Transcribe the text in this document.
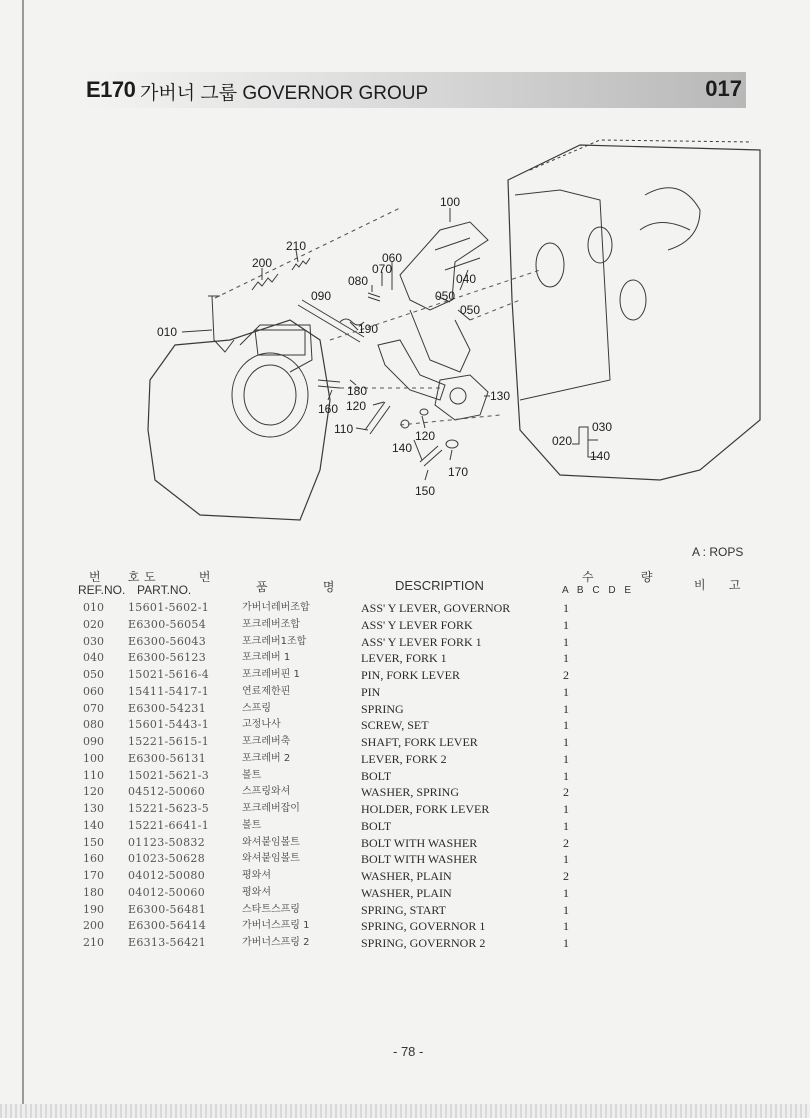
E170 가버너 그룹 GOVERNOR GROUP	017
100
210
200	060
070
080
090
040
050
050
010	190
180
160 120
130
110	120
140
170
150
030
020
140
A : ROPS
번 호
REF.NO.
도 번
PART.NO.	품 명	DESCRIPTION
수 량
A B C D E	비 고
010 15601-5602-1	가버너레버조합	ASS' Y LEVER, GOVERNOR	1
020 E6300-56054	포크레버조합	ASS' Y LEVER FORK	1
030 E6300-56043	포크레버1조합	ASS' Y LEVER FORK 1	1
040 E6300-56123	포크레버 1	LEVER, FORK 1	1
050 15021-5616-4	포크레버핀 1	PIN, FORK LEVER	2
060 15411-5417-1	연료제한핀	PIN	1
070 E6300-54231	스프링	SPRING	1
080 15601-5443-1	고정나사	SCREW, SET	1
090 15221-5615-1	포크레버축	SHAFT, FORK LEVER	1
100 E6300-56131	포크레버 2	LEVER, FORK 2	1
110 15021-5621-3	볼트	BOLT	1
120 04512-50060	스프링와셔	WASHER, SPRING	2
130 15221-5623-5	포크레버잡이	HOLDER, FORK LEVER	1
140 15221-6641-1	볼트	BOLT	1
150 01123-50832	와셔붙임볼트	BOLT WITH WASHER	2
160 01023-50628	와셔붙임볼트	BOLT WITH WASHER	1
170 04012-50080	평와셔	WASHER, PLAIN	2
180 04012-50060	평와셔	WASHER, PLAIN	1
190 E6300-56481	스타트스프링	SPRING, START	1
200 E6300-56414	가버너스프링 1	SPRING, GOVERNOR 1	1
210 E6313-56421	가버너스프링 2	SPRING, GOVERNOR 2	1
- 78 -
